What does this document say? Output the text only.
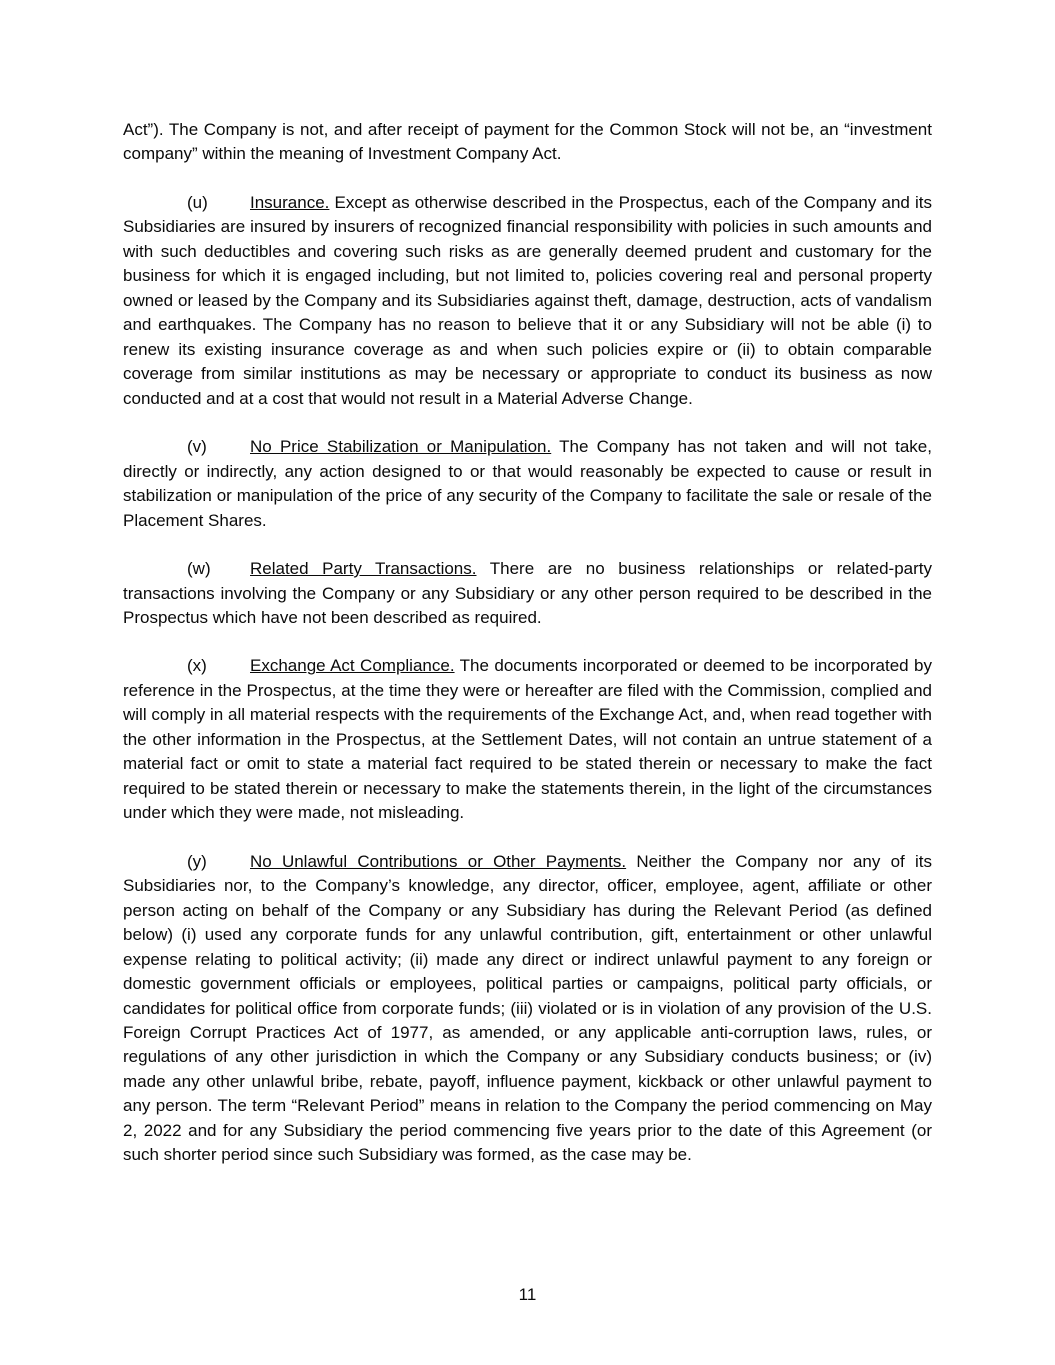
Act”). The Company is not, and after receipt of payment for the Common Stock will not be, an “investment company” within the meaning of Investment Company Act.

(u) Insurance. Except as otherwise described in the Prospectus, each of the Company and its Subsidiaries are insured by insurers of recognized financial responsibility with policies in such amounts and with such deductibles and covering such risks as are generally deemed prudent and customary for the business for which it is engaged including, but not limited to, policies covering real and personal property owned or leased by the Company and its Subsidiaries against theft, damage, destruction, acts of vandalism and earthquakes. The Company has no reason to believe that it or any Subsidiary will not be able (i) to renew its existing insurance coverage as and when such policies expire or (ii) to obtain comparable coverage from similar institutions as may be necessary or appropriate to conduct its business as now conducted and at a cost that would not result in a Material Adverse Change.

(v)	No Price Stabilization or Manipulation. The Company has not taken and will not take, directly or indirectly, any action designed to or that would reasonably be expected to cause or result in stabilization or manipulation of the price of any security of the Company to facilitate the sale or resale of the Placement Shares.

(w) Related Party Transactions. There are no business relationships or related-party transactions involving the Company or any Subsidiary or any other person required to be described in the Prospectus which have not been described as required.

(x)	Exchange Act Compliance. The documents incorporated or deemed to be incorporated by reference in the Prospectus, at the time they were or hereafter are filed with the Commission, complied and will comply in all material respects with the requirements of the Exchange Act, and, when read together with the other information in the Prospectus, at the Settlement Dates, will not contain an untrue statement of a material fact or omit to state a material fact required to be stated therein or necessary to make the fact required to be stated therein or necessary to make the statements therein, in the light of the circumstances under which they were made, not misleading.

(y)	No Unlawful Contributions or Other Payments. Neither the Company nor any of its Subsidiaries nor, to the Company’s knowledge, any director, officer, employee, agent, affiliate or other person acting on behalf of the Company or any Subsidiary has during the Relevant Period (as defined below) (i) used any corporate funds for any unlawful contribution, gift, entertainment or other unlawful expense relating to political activity; (ii) made any direct or indirect unlawful payment to any foreign or domestic government officials or employees, political parties or campaigns, political party officials, or candidates for political office from corporate funds; (iii) violated or is in violation of any provision of the U.S. Foreign Corrupt Practices Act of 1977, as amended, or any applicable anti-corruption laws, rules, or regulations of any other jurisdiction in which the Company or any Subsidiary conducts business; or (iv) made any other unlawful bribe, rebate, payoff, influence payment, kickback or other unlawful payment to any person. The term “Relevant Period” means in relation to the Company the period commencing on May 2, 2022 and for any Subsidiary the period commencing five years prior to the date of this Agreement (or such shorter period since such Subsidiary was formed, as the case may be.

11
